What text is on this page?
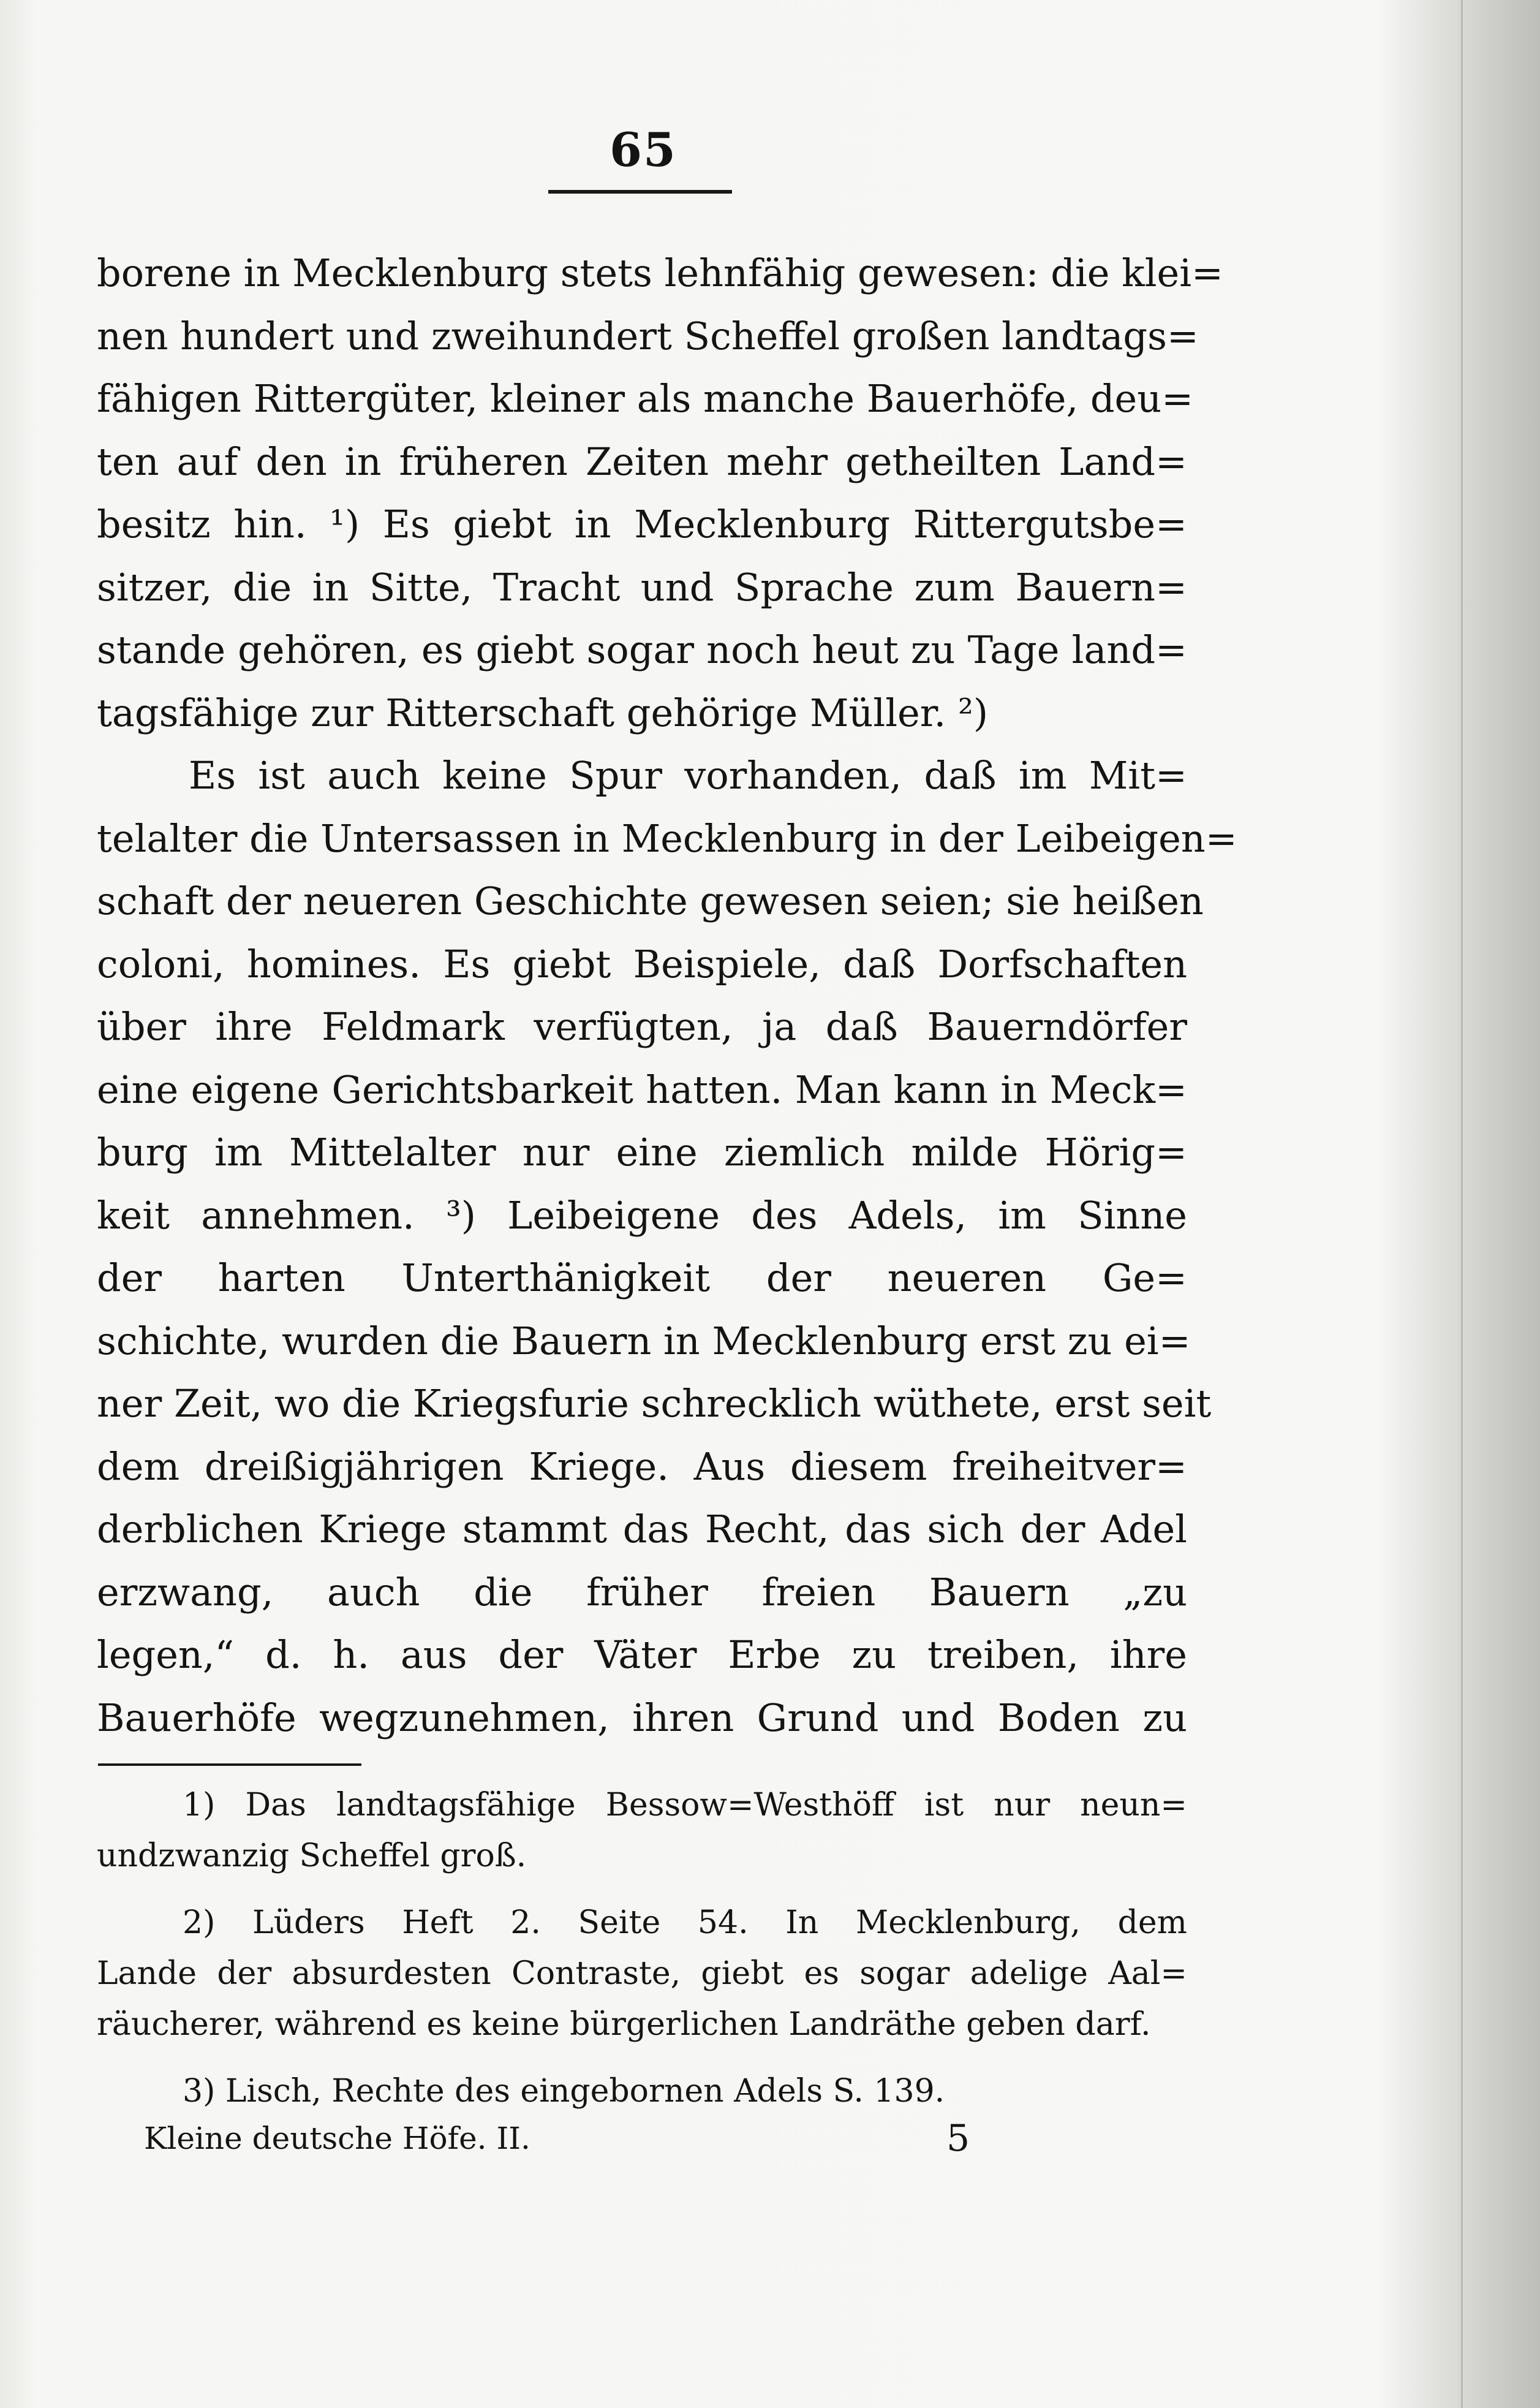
65
borene in Mecklenburg stets lehnfähig gewesen: die klei=
nen hundert und zweihundert Scheffel großen landtags=
fähigen Rittergüter, kleiner als manche Bauerhöfe, deu=
ten auf den in früheren Zeiten mehr getheilten Land=
besitz hin. ¹) Es giebt in Mecklenburg Rittergutsbe=
sitzer, die in Sitte, Tracht und Sprache zum Bauern=
stande gehören, es giebt sogar noch heut zu Tage land=
tagsfähige zur Ritterschaft gehörige Müller. ²)
Es ist auch keine Spur vorhanden, daß im Mit=
telalter die Untersassen in Mecklenburg in der Leibeigen=
schaft der neueren Geschichte gewesen seien; sie heißen
coloni, homines. Es giebt Beispiele, daß Dorfschaften
über ihre Feldmark verfügten, ja daß Bauerndörfer
eine eigene Gerichtsbarkeit hatten. Man kann in Meck=
burg im Mittelalter nur eine ziemlich milde Hörig=
keit annehmen. ³) Leibeigene des Adels, im Sinne
der harten Unterthänigkeit der neueren Ge=
schichte, wurden die Bauern in Mecklenburg erst zu ei=
ner Zeit, wo die Kriegsfurie schrecklich wüthete, erst seit
dem dreißigjährigen Kriege. Aus diesem freiheitver=
derblichen Kriege stammt das Recht, das sich der Adel
erzwang, auch die früher freien Bauern „zu
legen,“ d. h. aus der Väter Erbe zu treiben, ihre
Bauerhöfe wegzunehmen, ihren Grund und Boden zu
1) Das landtagsfähige Bessow=Westhöff ist nur neun=
undzwanzig Scheffel groß.
2) Lüders Heft 2. Seite 54. In Mecklenburg, dem
Lande der absurdesten Contraste, giebt es sogar adelige Aal=
räucherer, während es keine bürgerlichen Landräthe geben darf.
3) Lisch, Rechte des eingebornen Adels S. 139.
Kleine deutsche Höfe. II.	5
